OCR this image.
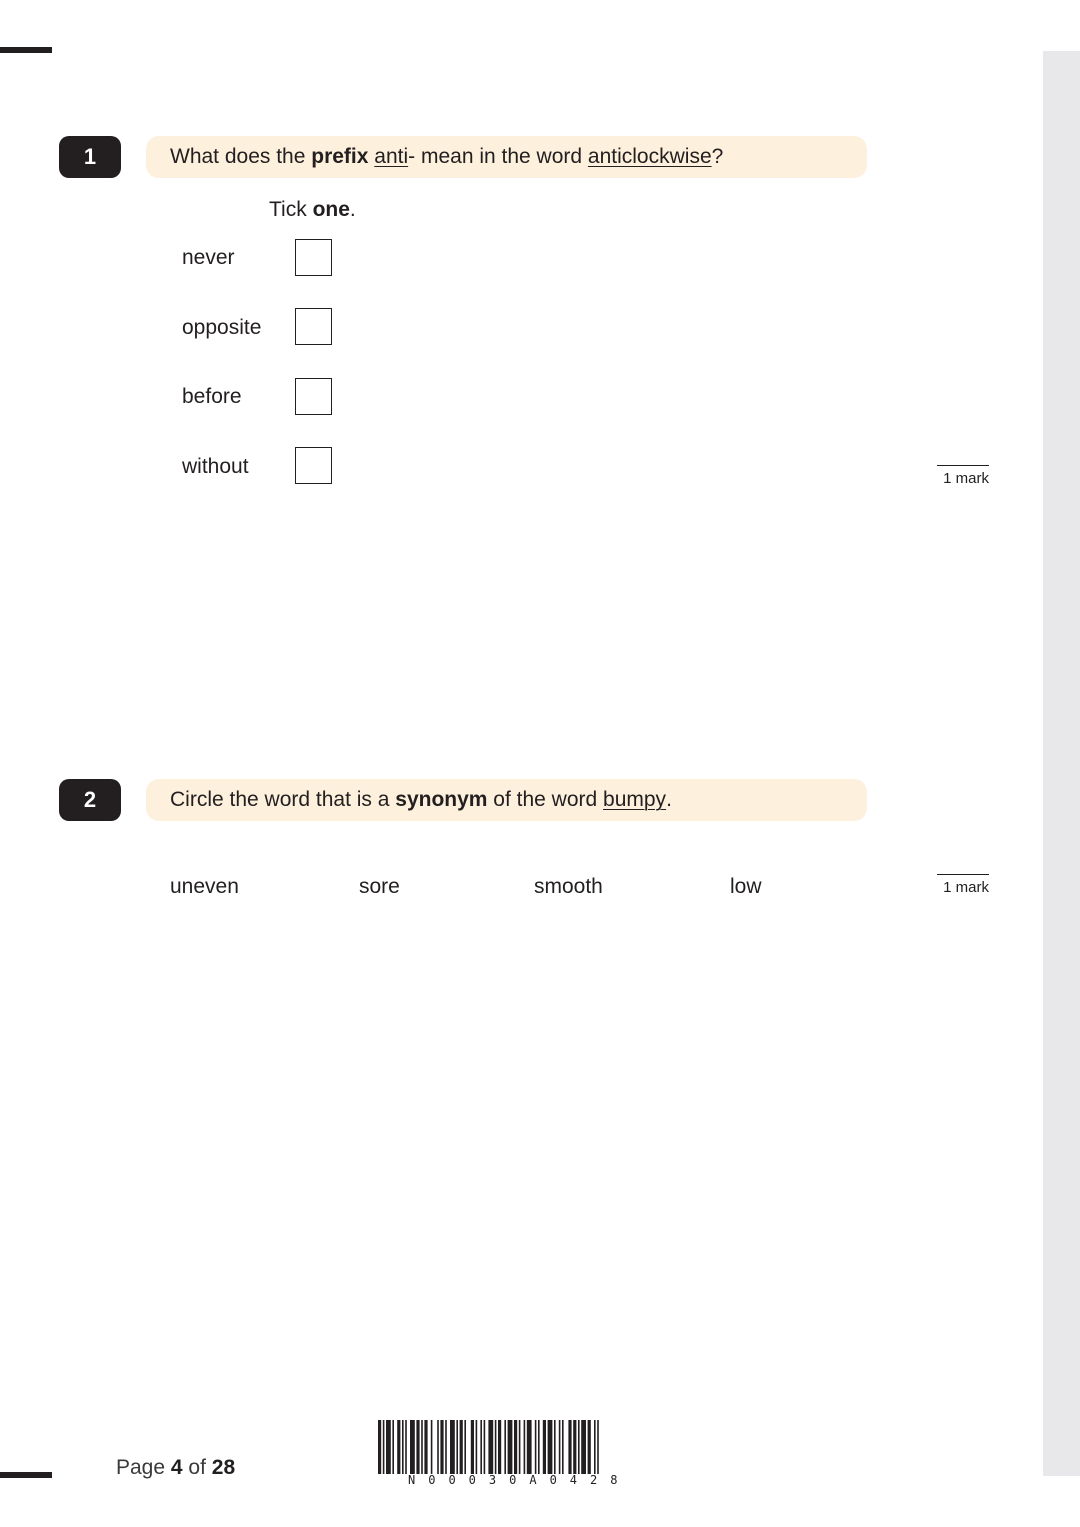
1	What does the prefix
anti - mean in the word anticlockwise ?
Tick one.
never
opposite
before
without
1 mark
2	Circle the word that is a synonym of the word bumpy .
uneven	sore	smooth	low	1 mark
Page 4 of 28
N00030A0428
